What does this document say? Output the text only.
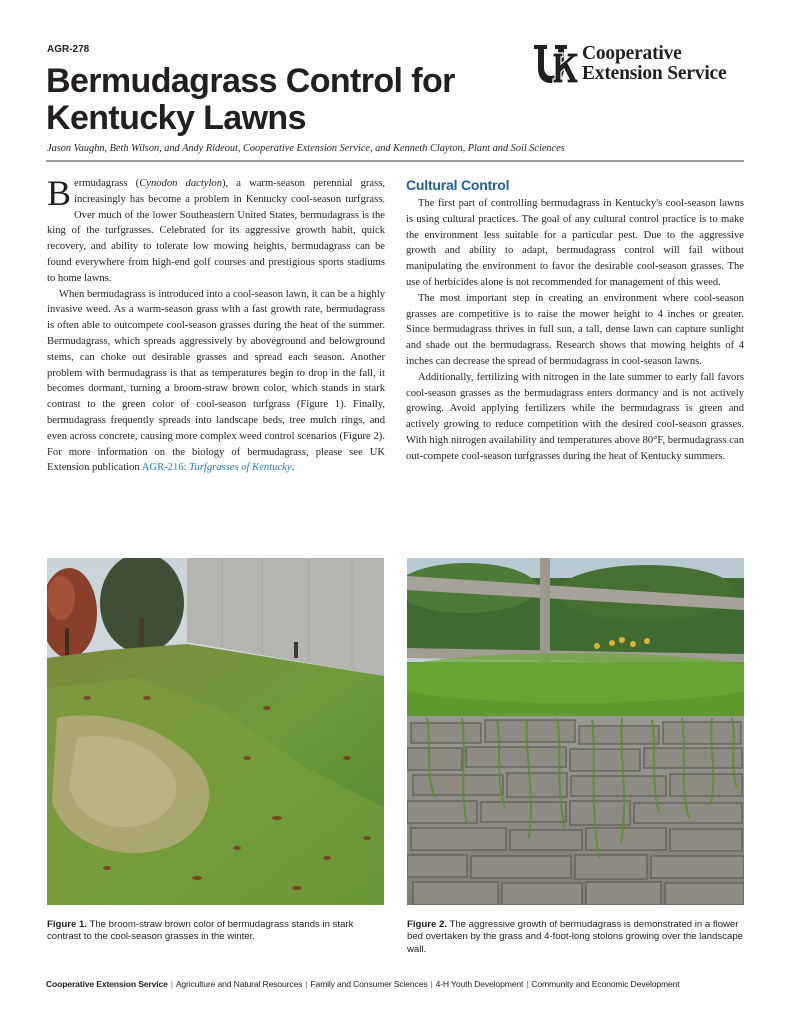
AGR-278	Cooperative
Extension Service
Bermudagrass Control for Kentucky Lawns
Jason Vaughn, Beth Wilson, and Andy Rideout, Cooperative Extension Service, and Kenneth Clayton, Plant and Soil Sciences

Bermudagrass (Cynodon dactylon), a warm-season perennial grass, increasingly has become a problem in Kentucky cool-season turfgrass. Over much of the lower Southeastern United States, bermudagrass is the king of the turfgrasses. Celebrated for its aggressive growth habit, quick recovery, and ability to tolerate low mowing heights, bermudagrass can be found everywhere from high-end golf courses and prestigious sports stadiums to home lawns.

When bermudagrass is introduced into a cool-season lawn, it can be a highly invasive weed. As a warm-season grass with a fast growth rate, bermudagrass is often able to outcompete cool-season grasses during the heat of the summer. Bermudagrass, which spreads aggressively by aboveground and belowground stems, can choke out desirable grasses and spread each season. Another problem with bermudagrass is that as temperatures begin to drop in the fall, it becomes dormant, turning a broom-straw brown color, which stands in stark contrast to the green color of cool-season turfgrass (Figure 1). Finally, bermudagrass frequently spreads into landscape beds, tree mulch rings, and even across concrete, causing more complex weed control scenarios (Figure 2). For more information on the biology of bermudagrass, please see UK Extension publication AGR-216: Turfgrasses of Kentucky.

Cultural Control

The first part of controlling bermudagrass in Kentucky's cool-season lawns is using cultural practices. The goal of any cultural control practice is to make the environment less suitable for a particular pest. Due to the aggressive growth and ability to adapt, bermudagrass control will fail without manipulating the environment to favor the desirable cool-season grasses. The use of herbicides alone is not recommended for management of this weed.

The most important step in creating an environment where cool-season grasses are competitive is to raise the mower height to 4 inches or greater. Since bermudagrass thrives in full sun, a tall, dense lawn can capture sunlight and shade out the bermudagrass. Research shows that mowing heights of 4 inches can decrease the spread of bermudagrass in cool-season lawns.

Additionally, fertilizing with nitrogen in the late summer to early fall favors cool-season grasses as the bermudagrass enters dormancy and is not actively growing. Avoid applying fertilizers while the bermudagrass is green and actively growing to reduce competition with the desired cool-season grasses. With high nitrogen availability and temperatures above 80°F, bermudagrass can out-compete cool-season turfgrasses during the heat of Kentucky summers.

Figure 1. The broom-straw brown color of bermudagrass stands in stark contrast to the cool-season grasses in the winter.
Figure 2. The aggressive growth of bermudagrass is demonstrated in a flower bed overtaken by the grass and 4-foot-long stolons growing over the landscape wall.
Cooperative Extension Service | Agriculture and Natural Resources | Family and Consumer Sciences | 4-H Youth Development | Community and Economic Development
